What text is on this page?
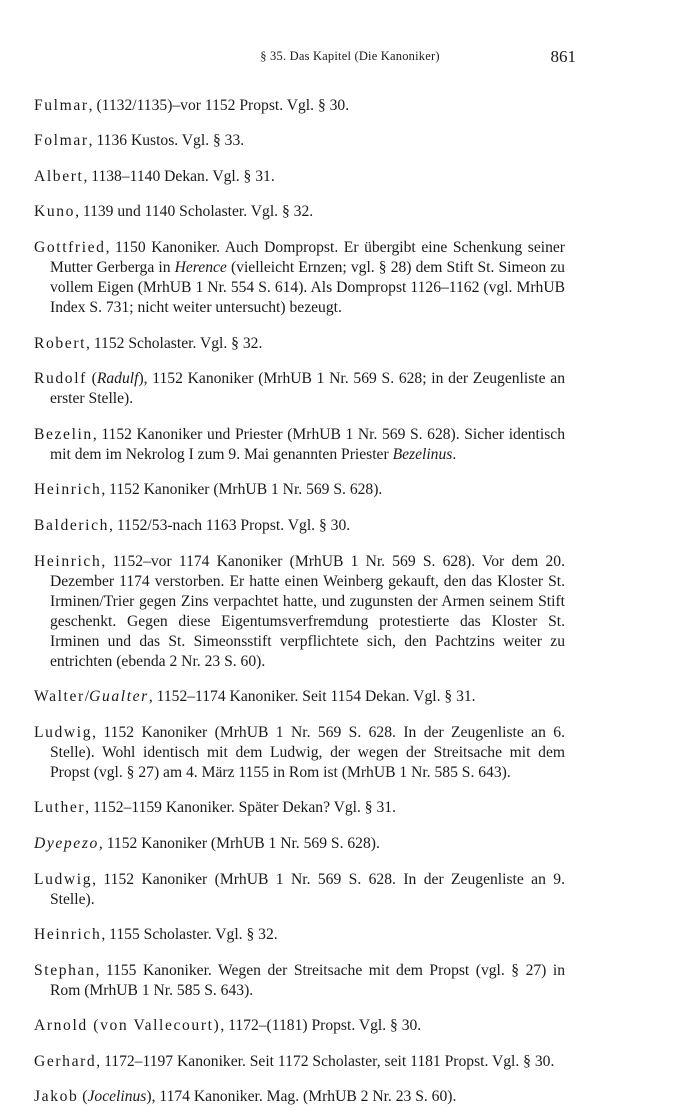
§ 35. Das Kapitel (Die Kanoniker)	861

Fulmar, (1132/1135)–vor 1152 Propst. Vgl. § 30.

Folmar, 1136 Kustos. Vgl. § 33.

Albert, 1138–1140 Dekan. Vgl. § 31.

Kuno, 1139 und 1140 Scholaster. Vgl. § 32.

Gottfried, 1150 Kanoniker. Auch Dompropst. Er übergibt eine Schenkung seiner Mutter Gerberga in Herence (vielleicht Ernzen; vgl. § 28) dem Stift St. Simeon zu vollem Eigen (MrhUB 1 Nr. 554 S. 614). Als Dompropst 1126–1162 (vgl. MrhUB Index S. 731; nicht weiter untersucht) bezeugt.

Robert, 1152 Scholaster. Vgl. § 32.

Rudolf (Radulf), 1152 Kanoniker (MrhUB 1 Nr. 569 S. 628; in der Zeugenliste an erster Stelle).

Bezelin, 1152 Kanoniker und Priester (MrhUB 1 Nr. 569 S. 628). Sicher identisch mit dem im Nekrolog I zum 9. Mai genannten Priester Bezelinus.

Heinrich, 1152 Kanoniker (MrhUB 1 Nr. 569 S. 628).

Balderich, 1152/53-nach 1163 Propst. Vgl. § 30.

Heinrich, 1152–vor 1174 Kanoniker (MrhUB 1 Nr. 569 S. 628). Vor dem 20. Dezember 1174 verstorben. Er hatte einen Weinberg gekauft, den das Kloster St. Irminen/Trier gegen Zins verpachtet hatte, und zugunsten der Armen seinem Stift geschenkt. Gegen diese Eigentumsverfremdung protestierte das Kloster St. Irminen und das St. Simeonsstift verpflichtete sich, den Pachtzins weiter zu entrichten (ebenda 2 Nr. 23 S. 60).

Walter/Gualter, 1152–1174 Kanoniker. Seit 1154 Dekan. Vgl. § 31.

Ludwig, 1152 Kanoniker (MrhUB 1 Nr. 569 S. 628. In der Zeugenliste an 6. Stelle). Wohl identisch mit dem Ludwig, der wegen der Streitsache mit dem Propst (vgl. § 27) am 4. März 1155 in Rom ist (MrhUB 1 Nr. 585 S. 643).

Luther, 1152–1159 Kanoniker. Später Dekan? Vgl. § 31.

Dyepezo, 1152 Kanoniker (MrhUB 1 Nr. 569 S. 628).

Ludwig, 1152 Kanoniker (MrhUB 1 Nr. 569 S. 628. In der Zeugenliste an 9. Stelle).

Heinrich, 1155 Scholaster. Vgl. § 32.

Stephan, 1155 Kanoniker. Wegen der Streitsache mit dem Propst (vgl. § 27) in Rom (MrhUB 1 Nr. 585 S. 643).

Arnold (von Vallecourt), 1172–(1181) Propst. Vgl. § 30.

Gerhard, 1172–1197 Kanoniker. Seit 1172 Scholaster, seit 1181 Propst. Vgl. § 30.

Jakob (Jocelinus), 1174 Kanoniker. Mag. (MrhUB 2 Nr. 23 S. 60).
